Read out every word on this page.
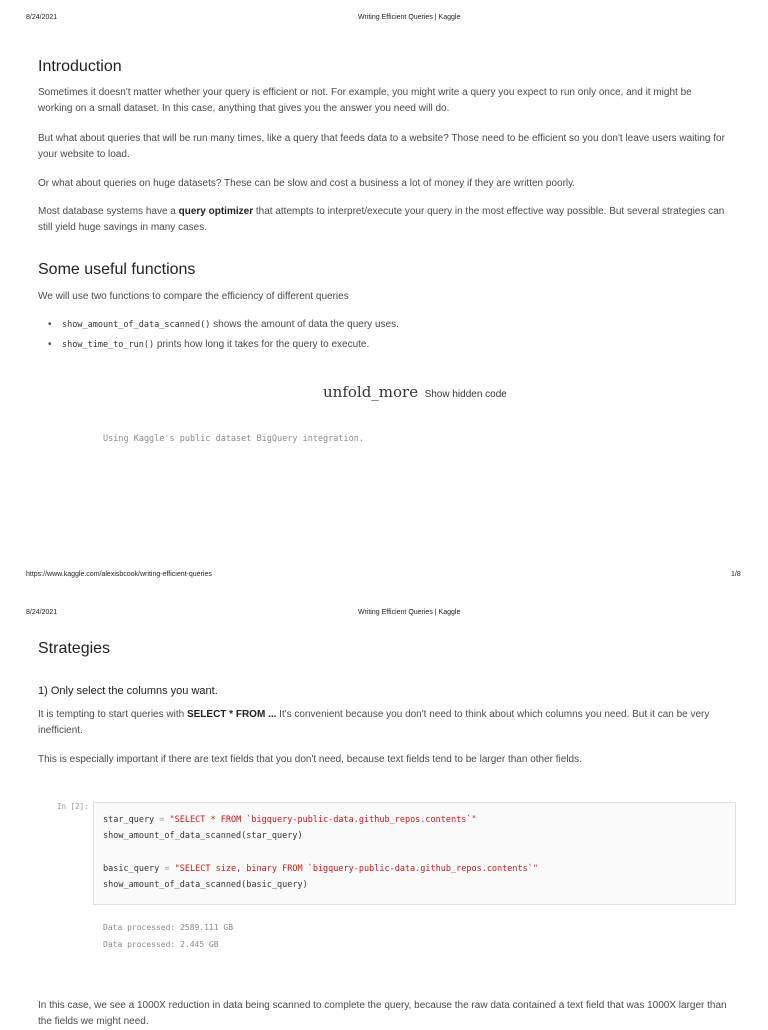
8/24/2021	Writing Efficient Queries | Kaggle
Introduction

Sometimes it doesn't matter whether your query is efficient or not. For example, you might write a query you expect to run only once, and it might be working on a small dataset. In this case, anything that gives you the answer you need will do.

But what about queries that will be run many times, like a query that feeds data to a website? Those need to be efficient so you don't leave users waiting for your website to load.

Or what about queries on huge datasets? These can be slow and cost a business a lot of money if they are written poorly.

Most database systems have a query optimizer that attempts to interpret/execute your query in the most effective way possible. But several strategies can still yield huge savings in many cases.

Some useful functions

We will use two functions to compare the efficiency of different queries

• show_amount_of_data_scanned() shows the amount of data the query uses.
• show_time_to_run() prints how long it takes for the query to execute.
unfold_more Show hidden code
Using Kaggle's public dataset BigQuery integration.
https://www.kaggle.com/alexisbcook/writing-efficient-queries	1/8
8/24/2021	Writing Efficient Queries | Kaggle
Strategies
1) Only select the columns you want.

It is tempting to start queries with SELECT * FROM ... It's convenient because you don't need to think about which columns you need. But it can be very inefficient.

This is especially important if there are text fields that you don't need, because text fields tend to be larger than other fields.

In [2]:
star_query = "SELECT * FROM `bigquery-public-data.github_repos.contents`"
show_amount_of_data_scanned(star_query)
basic_query = "SELECT size, binary FROM `bigquery-public-data.github_repos.contents`"
show_amount_of_data_scanned(basic_query)
Data processed: 2589.111 GB
Data processed: 2.445 GB

In this case, we see a 1000X reduction in data being scanned to complete the query, because the raw data contained a text field that was 1000X larger than the fields we might need.
